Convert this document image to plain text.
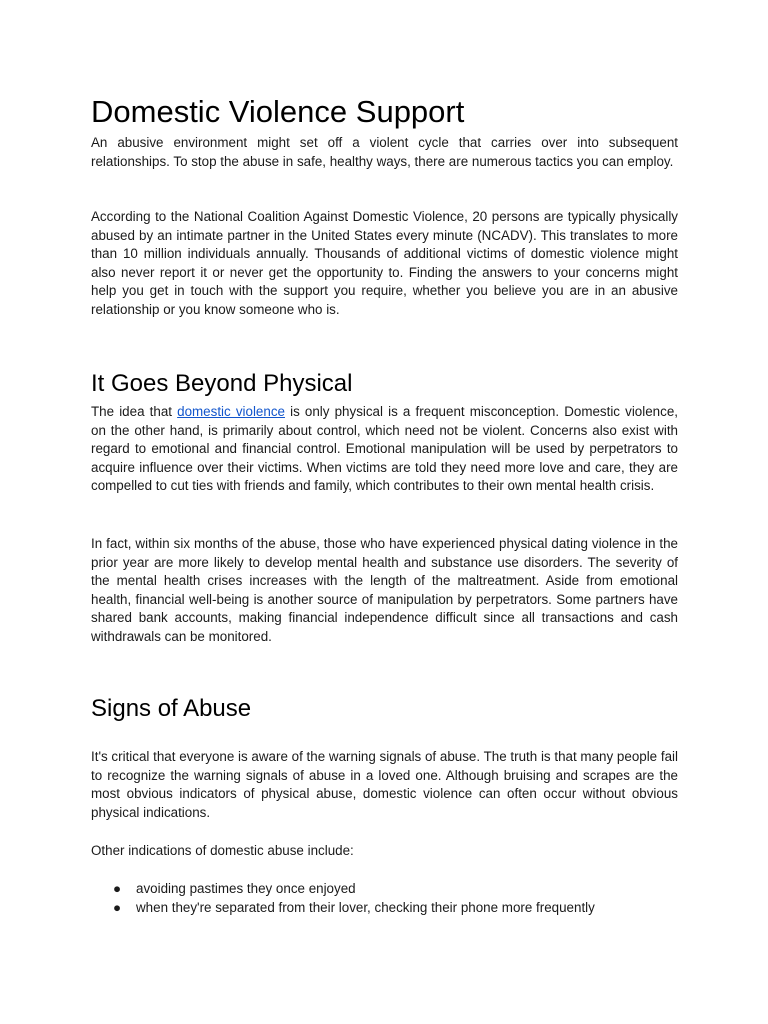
Domestic Violence Support

An abusive environment might set off a violent cycle that carries over into subsequent relationships. To stop the abuse in safe, healthy ways, there are numerous tactics you can employ.

According to the National Coalition Against Domestic Violence, 20 persons are typically physically abused by an intimate partner in the United States every minute (NCADV). This translates to more than 10 million individuals annually. Thousands of additional victims of domestic violence might also never report it or never get the opportunity to. Finding the answers to your concerns might help you get in touch with the support you require, whether you believe you are in an abusive relationship or you know someone who is.

It Goes Beyond Physical

The idea that domestic violence is only physical is a frequent misconception. Domestic violence, on the other hand, is primarily about control, which need not be violent. Concerns also exist with regard to emotional and financial control. Emotional manipulation will be used by perpetrators to acquire influence over their victims. When victims are told they need more love and care, they are compelled to cut ties with friends and family, which contributes to their own mental health crisis.

In fact, within six months of the abuse, those who have experienced physical dating violence in the prior year are more likely to develop mental health and substance use disorders. The severity of the mental health crises increases with the length of the maltreatment. Aside from emotional health, financial well-being is another source of manipulation by perpetrators. Some partners have shared bank accounts, making financial independence difficult since all transactions and cash withdrawals can be monitored.

Signs of Abuse

It's critical that everyone is aware of the warning signals of abuse. The truth is that many people fail to recognize the warning signals of abuse in a loved one. Although bruising and scrapes are the most obvious indicators of physical abuse, domestic violence can often occur without obvious physical indications.

Other indications of domestic abuse include:

● avoiding pastimes they once enjoyed
● when they're separated from their lover, checking their phone more frequently
